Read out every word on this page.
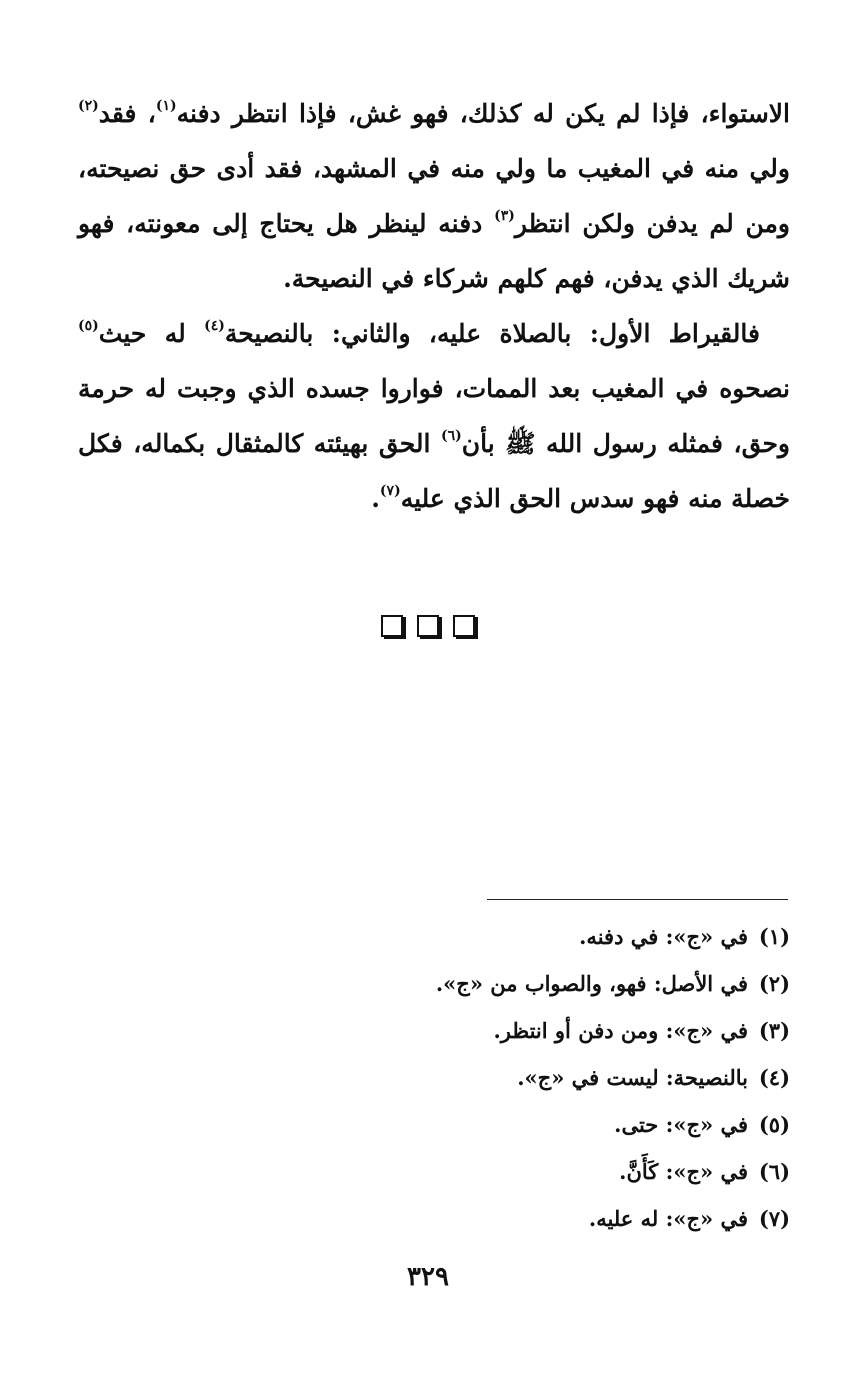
الاستواء، فإذا لم يكن له كذلك، فهو غش، فإذا انتظر دفنه$^{(١)}$، فقد$^{(٢)}$ ولي منه في المغيب ما ولي منه في المشهد، فقد أدى حق نصيحته، ومن لم يدفن ولكن انتظر$^{(٣)}$ دفنه لينظر هل يحتاج إلى معونته، فهو شريك الذي يدفن، فهم كلهم شركاء في النصيحة.

فالقيراط الأول: بالصلاة عليه، والثاني: بالنصيحة$^{(٤)}$ له حيث$^{(٥)}$ نصحوه في المغيب بعد الممات، فواروا جسده الذي وجبت له حرمة وحق، فمثله رسول الله ﷺ بأن$^{(٦)}$ الحق بهيئته كالمثقال بكماله، فكل خصلة منه فهو سدس الحق الذي عليه$^{(٧)}$.

(١)
في «ج»: في دفنه.
(٢)
في الأصل: فهو، والصواب من «ج».
(٣)
في «ج»: ومن دفن أو انتظر.
(٤)
بالنصيحة: ليست في «ج».
(٥)
في «ج»: حتى.
(٦)
في «ج»: كَأَنَّ.
(٧)
في «ج»: له عليه.
٣٢٩
